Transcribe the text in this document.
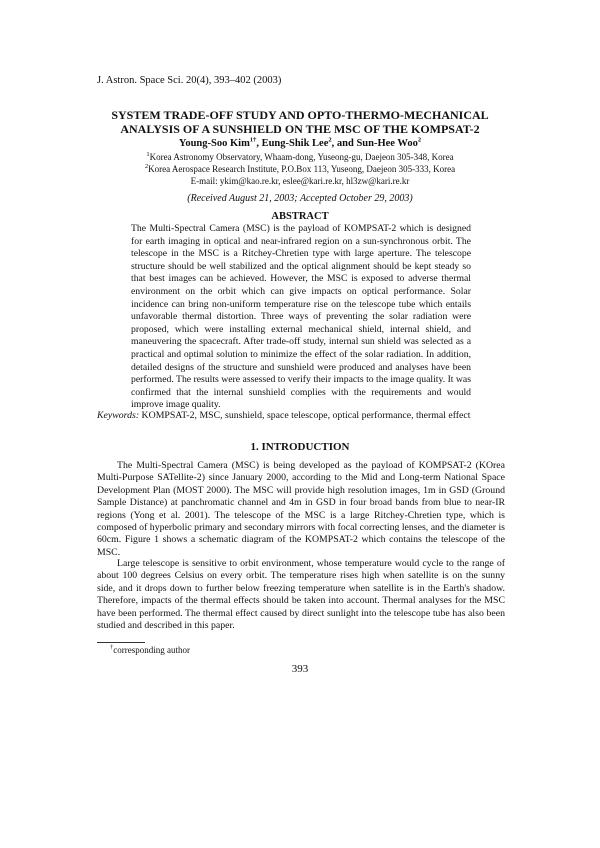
J. Astron. Space Sci. 20(4), 393–402 (2003)
SYSTEM TRADE-OFF STUDY AND OPTO-THERMO-MECHANICAL
ANALYSIS OF A SUNSHIELD ON THE MSC OF THE KOMPSAT-2
Young-Soo Kim$^{1\dagger}$, Eung-Shik Lee$^2$, and Sun-Hee Woo$^2$
$^1$Korea Astronomy Observatory, Whaam-dong, Yuseong-gu, Daejeon 305-348, Korea
$^2$Korea Aerospace Research Institute, P.O.Box 113, Yuseong, Daejeon 305-333, Korea
E-mail: ykim@kao.re.kr, eslee@kari.re.kr, hl3zw@kari.re.kr
(Received August 21, 2003; Accepted October 29, 2003)
ABSTRACT
The Multi-Spectral Camera (MSC) is the payload of KOMPSAT-2 which is designed for earth imaging in optical and near-infrared region on a sun-synchronous orbit. The telescope in the MSC is a Ritchey-Chretien type with large aperture. The telescope structure should be well stabilized and the optical alignment should be kept steady so that best images can be achieved. However, the MSC is exposed to adverse thermal environment on the orbit which can give impacts on optical performance. Solar incidence can bring non-uniform temperature rise on the telescope tube which entails unfavorable thermal distortion. Three ways of preventing the solar radiation were proposed, which were installing external mechanical shield, internal shield, and maneuvering the spacecraft. After trade-off study, internal sun shield was selected as a practical and optimal solution to minimize the effect of the solar radiation. In addition, detailed designs of the structure and sunshield were produced and analyses have been performed. The results were assessed to verify their impacts to the image quality. It was confirmed that the internal sunshield complies with the requirements and would improve image quality.
Keywords: KOMPSAT-2, MSC, sunshield, space telescope, optical performance, thermal effect
1. INTRODUCTION
The Multi-Spectral Camera (MSC) is being developed as the payload of KOMPSAT-2 (KOrea Multi-Purpose SATellite-2) since January 2000, according to the Mid and Long-term National Space Development Plan (MOST 2000). The MSC will provide high resolution images, 1m in GSD (Ground Sample Distance) at panchromatic channel and 4m in GSD in four broad bands from blue to near-IR regions (Yong et al. 2001). The telescope of the MSC is a large Ritchey-Chretien type, which is composed of hyperbolic primary and secondary mirrors with focal correcting lenses, and the diameter is 60cm. Figure 1 shows a schematic diagram of the KOMPSAT-2 which contains the telescope of the MSC.
Large telescope is sensitive to orbit environment, whose temperature would cycle to the range of about 100 degrees Celsius on every orbit. The temperature rises high when satellite is on the sunny side, and it drops down to further below freezing temperature when satellite is in the Earth's shadow. Therefore, impacts of the thermal effects should be taken into account. Thermal analyses for the MSC have been performed. The thermal effect caused by direct sunlight into the telescope tube has also been studied and described in this paper.
†corresponding author
393
